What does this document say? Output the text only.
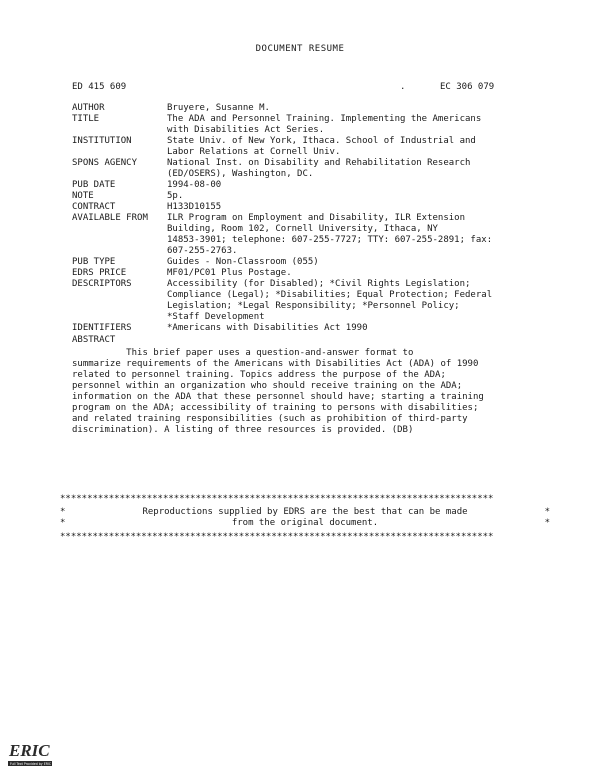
DOCUMENT RESUME
ED 415 609	.	EC 306 079
AUTHOR	Bruyere, Susanne M.
TITLE	The ADA and Personnel Training. Implementing the Americans
with Disabilities Act Series.
INSTITUTION	State Univ. of New York, Ithaca. School of Industrial and
Labor Relations at Cornell Univ.
SPONS AGENCY	National Inst. on Disability and Rehabilitation Research
(ED/OSERS), Washington, DC.
PUB DATE	1994-08-00
NOTE	5p.
CONTRACT	H133D10155
AVAILABLE FROM	ILR Program on Employment and Disability, ILR Extension
Building, Room 102, Cornell University, Ithaca, NY
14853-3901; telephone: 607-255-7727; TTY: 607-255-2891; fax:
607-255-2763.
PUB TYPE	Guides - Non-Classroom (055)
EDRS PRICE	MF01/PC01 Plus Postage.
DESCRIPTORS	Accessibility (for Disabled); *Civil Rights Legislation;
Compliance (Legal); *Disabilities; Equal Protection; Federal
Legislation; *Legal Responsibility; *Personnel Policy;
*Staff Development
IDENTIFIERS	*Americans with Disabilities Act 1990
ABSTRACT
This brief paper uses a question-and-answer format to
summarize requirements of the Americans with Disabilities Act (ADA) of 1990
related to personnel training. Topics address the purpose of the ADA;
personnel within an organization who should receive training on the ADA;
information on the ADA that these personnel should have; starting a training
program on the ADA; accessibility of training to persons with disabilities;
and related training responsibilities (such as prohibition of third-party
discrimination). A listing of three resources is provided. (DB)
********************************************************************************
*	Reproductions supplied by EDRS are the best that can be made	*
*	from the original document.	*
********************************************************************************
ERIC
Full Text Provided by ERIC
